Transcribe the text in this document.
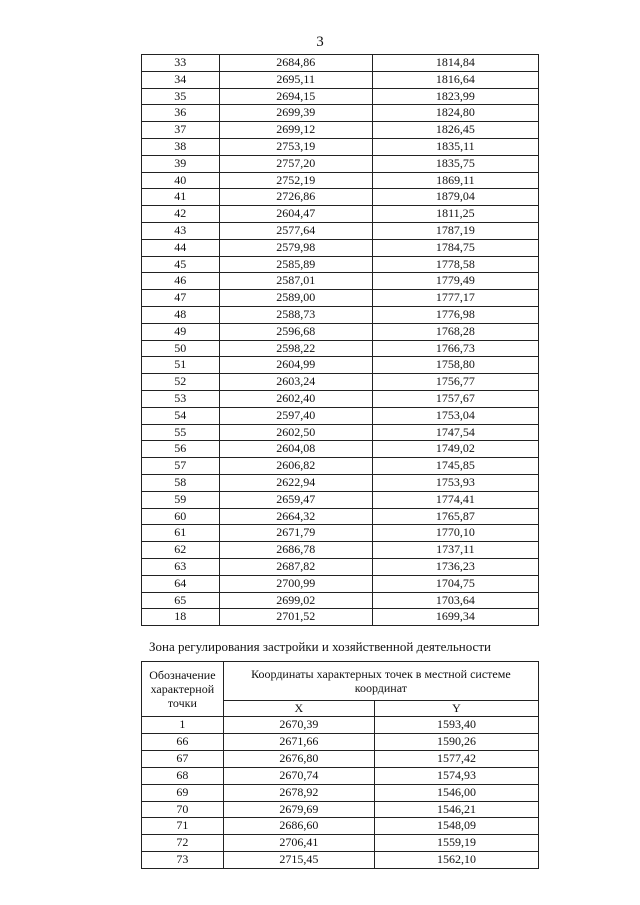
3
33	2684,86	1814,84
34	2695,11	1816,64
35	2694,15	1823,99
36	2699,39	1824,80
37	2699,12	1826,45
38	2753,19	1835,11
39	2757,20	1835,75
40	2752,19	1869,11
41	2726,86	1879,04
42	2604,47	1811,25
43	2577,64	1787,19
44	2579,98	1784,75
45	2585,89	1778,58
46	2587,01	1779,49
47	2589,00	1777,17
48	2588,73	1776,98
49	2596,68	1768,28
50	2598,22	1766,73
51	2604,99	1758,80
52	2603,24	1756,77
53	2602,40	1757,67
54	2597,40	1753,04
55	2602,50	1747,54
56	2604,08	1749,02
57	2606,82	1745,85
58	2622,94	1753,93
59	2659,47	1774,41
60	2664,32	1765,87
61	2671,79	1770,10
62	2686,78	1737,11
63	2687,82	1736,23
64	2700,99	1704,75
65	2699,02	1703,64
18	2701,52	1699,34
Зона регулирования застройки и хозяйственной деятельности
Обозначение характерной точки	Координаты характерных точек в местной системе координат	
	X	Y
1	2670,39	1593,40
66	2671,66	1590,26
67	2676,80	1577,42
68	2670,74	1574,93
69	2678,92	1546,00
70	2679,69	1546,21
71	2686,60	1548,09
72	2706,41	1559,19
73	2715,45	1562,10
